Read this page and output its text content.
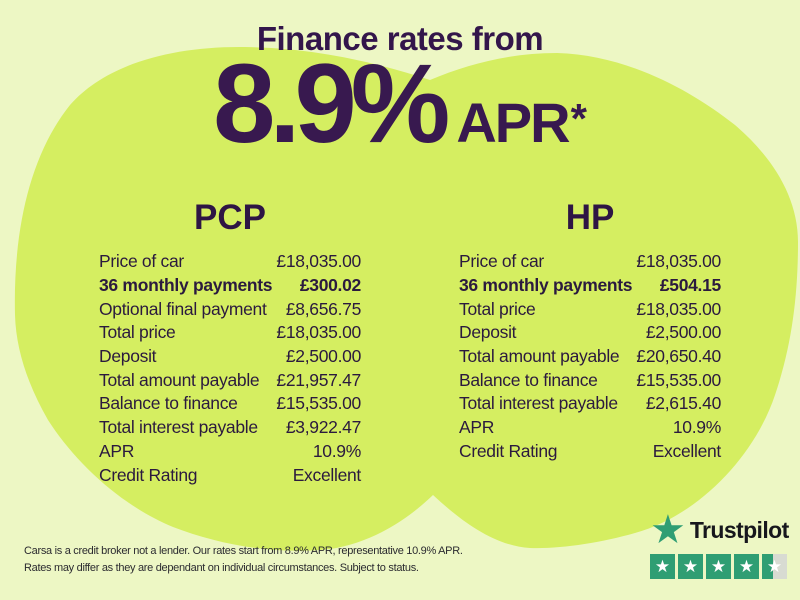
Finance rates from
8.9% APR *
PCP
Price of car	£18,035.00
36 monthly payments £300.02
Optional final payment £8,656.75
Total price	£18,035.00
Deposit	£2,500.00
Total amount payable £21,957.47
Balance to finance £15,535.00
Total interest payable £3,922.47
APR	10.9%
Credit Rating	Excellent
HP
Price of car	£18,035.00
36 monthly payments £504.15
Total price	£18,035.00
Deposit	£2,500.00
Total amount payable £20,650.40
Balance to finance £15,535.00
Total interest payable £2,615.40
APR	10.9%
Credit Rating	Excellent
Carsa is a credit broker not a lender. Our rates start from 8.9% APR, representative 10.9% APR.
Rates may differ as they are dependant on individual circumstances. Subject to status.
★ Trustpilot
★ ★ ★ ★ ★
